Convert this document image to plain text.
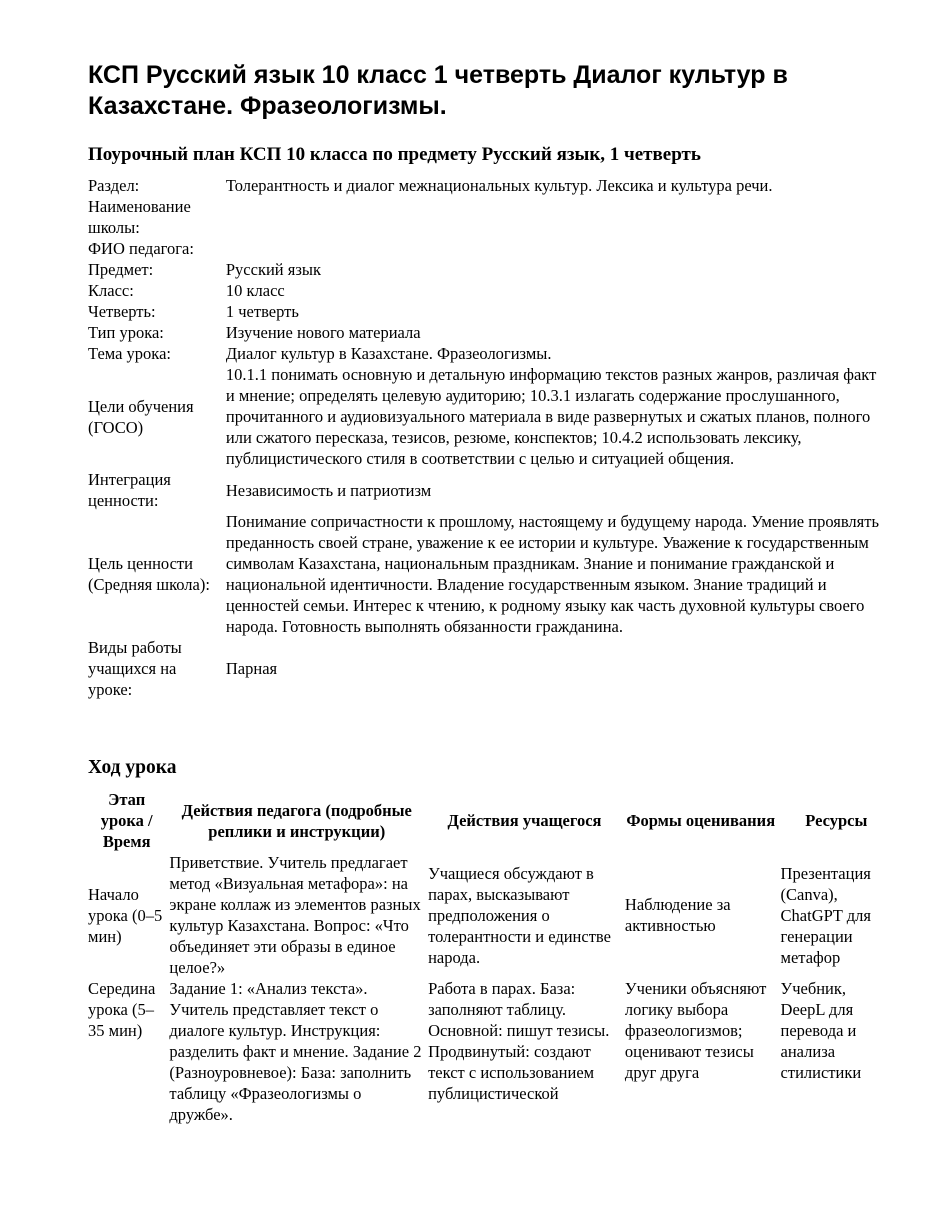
КСП Русский язык 10 класс 1 четверть Диалог культур в Казахстане. Фразеологизмы.
Поурочный план КСП 10 класса по предмету Русский язык, 1 четверть
Раздел:	Толерантность и диалог межнациональных культур. Лексика и культура речи.
Наименование школы:	
ФИО педагога:	
Предмет:	Русский язык
Класс:	10 класс
Четверть:	1 четверть
Тип урока:	Изучение нового материала
Тема урока:	Диалог культур в Казахстане. Фразеологизмы.
Цели обучения (ГОСО)	10.1.1 понимать основную и детальную информацию текстов разных жанров, различая факт и мнение; определять целевую аудиторию; 10.3.1 излагать содержание прослушанного, прочитанного и аудиовизуального материала в виде развернутых и сжатых планов, полного или сжатого пересказа, тезисов, резюме, конспектов; 10.4.2 использовать лексику, публицистического стиля в соответствии с целью и ситуацией общения.
Интеграция ценности:	Независимость и патриотизм
Цель ценности (Средняя школа):	Понимание сопричастности к прошлому, настоящему и будущему народа. Умение проявлять преданность своей стране, уважение к ее истории и культуре. Уважение к государственным символам Казахстана, национальным праздникам. Знание и понимание гражданской и национальной идентичности. Владение государственным языком. Знание традиций и ценностей семьи. Интерес к чтению, к родному языку как часть духовной культуры своего народа. Готовность выполнять обязанности гражданина.
Виды работы учащихся на уроке:	Парная
Ход урока
Этап урока / Время	Действия педагога (подробные реплики и инструкции)	Действия учащегося	Формы оценивания	Ресурсы
Начало урока (0–5 мин)	Приветствие. Учитель предлагает метод «Визуальная метафора»: на экране коллаж из элементов разных культур Казахстана. Вопрос: «Что объединяет эти образы в единое целое?»	Учащиеся обсуждают в парах, высказывают предположения о толерантности и единстве народа.	Наблюдение за активностью	Презентация (Canva), ChatGPT для генерации метафор
Середина урока (5–35 мин)	Задание 1: «Анализ текста». Учитель представляет текст о диалоге культур. Инструкция: разделить факт и мнение. Задание 2 (Разноуровневое): База: заполнить таблицу «Фразеологизмы о дружбе».	Работа в парах. База: заполняют таблицу. Основной: пишут тезисы. Продвинутый: создают текст с использованием публицистической	Ученики объясняют логику выбора фразеологизмов; оценивают тезисы друг друга	Учебник, DeepL для перевода и анализа стилистики
